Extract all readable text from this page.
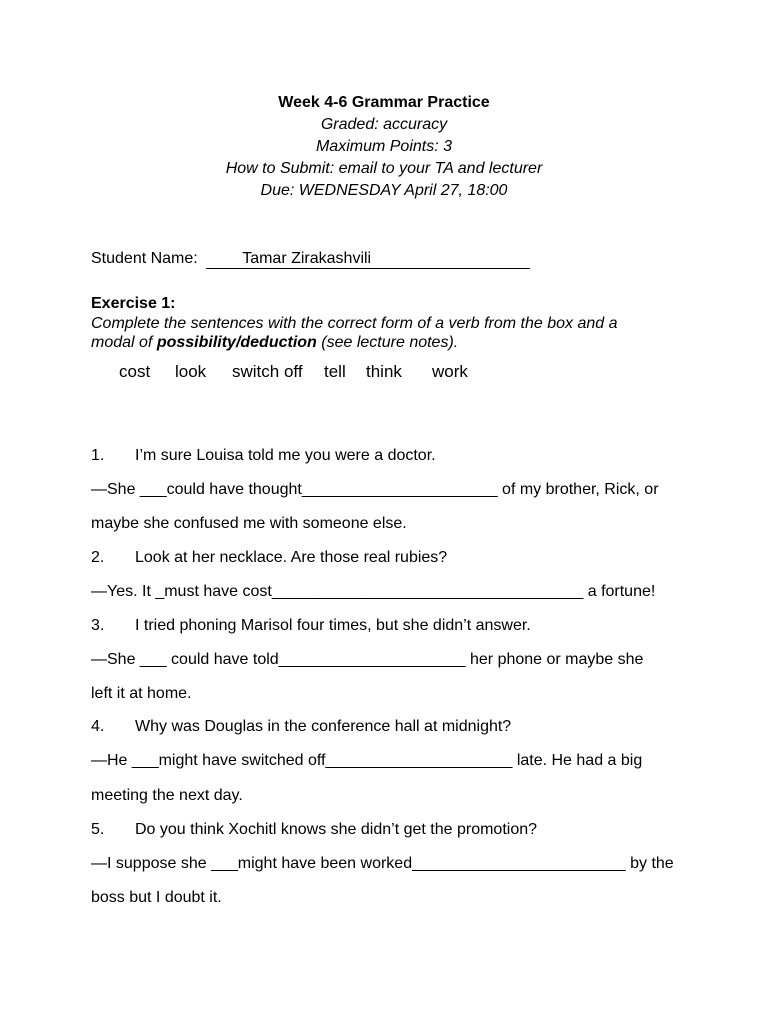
Week 4-6 Grammar Practice
Graded: accuracy
Maximum Points: 3
How to Submit: email to your TA and lecturer
Due: WEDNESDAY April 27, 18:00
Student Name:	Tamar Zirakashvili
Exercise 1:
Complete the sentences with the correct form of a verb from the box and a modal of possibility/deduction (see lecture notes).
cost look switch off tell think work
1. I’m sure Louisa told me you were a doctor.
—She ___could have thought______________________ of my brother, Rick, or
maybe she confused me with someone else.
2. Look at her necklace. Are those real rubies?
—Yes. It _must have cost___________________________________ a fortune!
3. I tried phoning Marisol four times, but she didn’t answer.
—She ___ could have told_____________________ her phone or maybe she
left it at home.
4. Why was Douglas in the conference hall at midnight?
—He ___might have switched off_____________________ late. He had a big
meeting the next day.
5. Do you think Xochitl knows she didn’t get the promotion?
—I suppose she ___might have been worked________________________ by the
boss but I doubt it.
